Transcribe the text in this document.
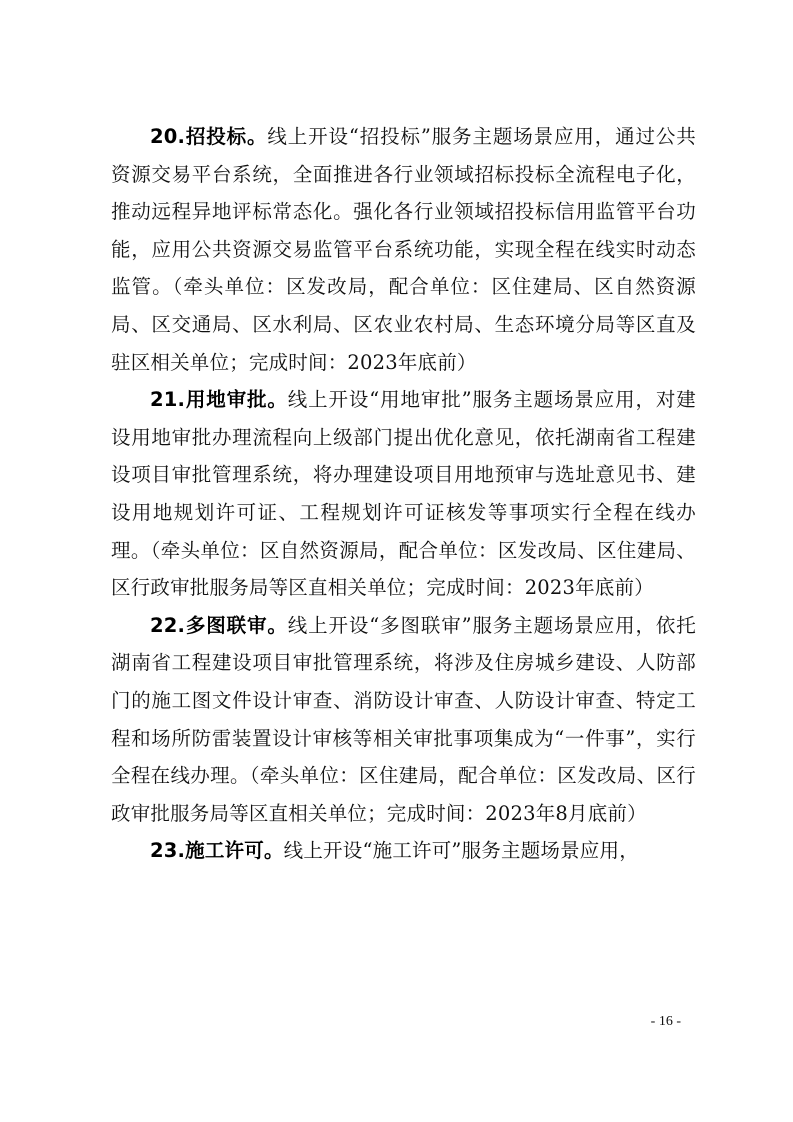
20.招投标。线上开设“招投标”服务主题场景应用，通过公共资源交易平台系统，全面推进各行业领域招标投标全流程电子化，推动远程异地评标常态化。强化各行业领域招投标信用监管平台功能，应用公共资源交易监管平台系统功能，实现全程在线实时动态监管。（牵头单位：区发改局，配合单位：区住建局、区自然资源局、区交通局、区水利局、区农业农村局、生态环境分局等区直及驻区相关单位；完成时间：2023年底前）

21.用地审批。线上开设“用地审批”服务主题场景应用，对建设用地审批办理流程向上级部门提出优化意见，依托湖南省工程建设项目审批管理系统，将办理建设项目用地预审与选址意见书、建设用地规划许可证、工程规划许可证核发等事项实行全程在线办理。（牵头单位：区自然资源局，配合单位：区发改局、区住建局、区行政审批服务局等区直相关单位；完成时间：2023年底前）

22.多图联审。线上开设“多图联审”服务主题场景应用，依托湖南省工程建设项目审批管理系统，将涉及住房城乡建设、人防部门的施工图文件设计审查、消防设计审查、人防设计审查、特定工程和场所防雷装置设计审核等相关审批事项集成为“一件事”，实行全程在线办理。（牵头单位：区住建局，配合单位：区发改局、区行政审批服务局等区直相关单位；完成时间：2023年8月底前）

23.施工许可。线上开设“施工许可”服务主题场景应用，

- 16 -
